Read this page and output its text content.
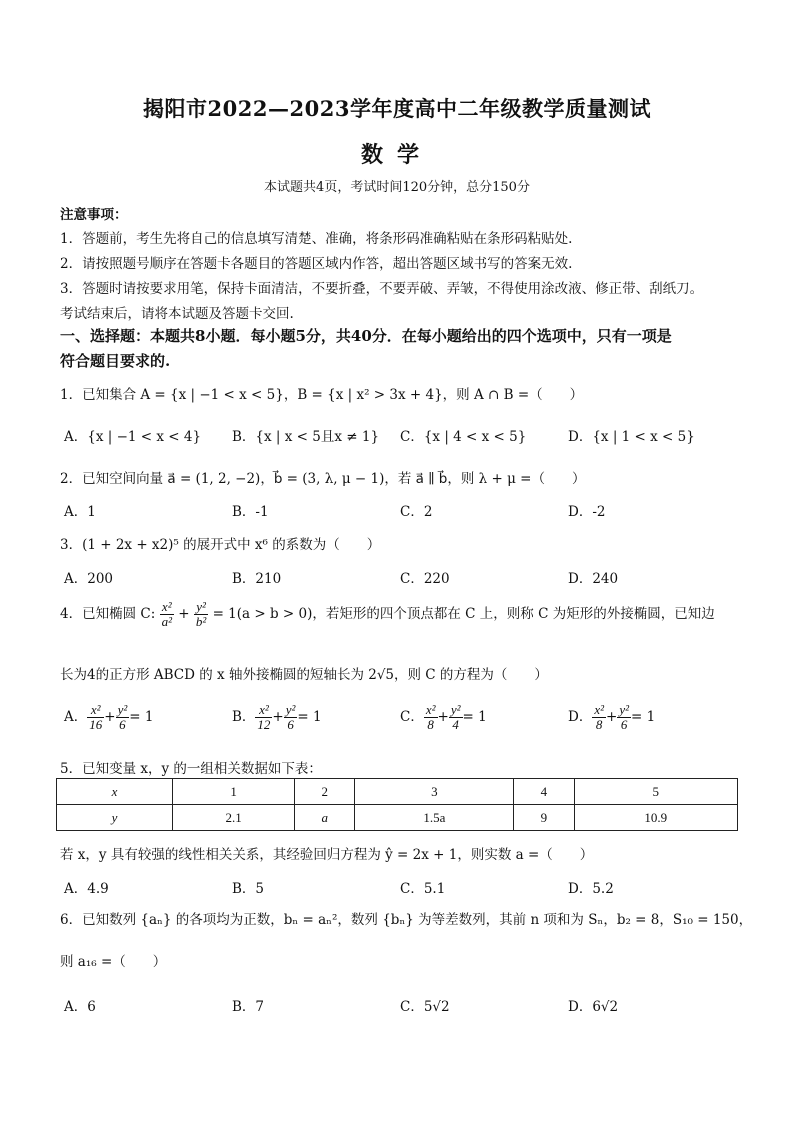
揭阳市2022—2023学年度高中二年级教学质量测试
数学
本试题共4页，考试时间120分钟，总分150分
注意事项：
1．答题前，考生先将自己的信息填写清楚、准确，将条形码准确粘贴在条形码粘贴处.
2．请按照题号顺序在答题卡各题目的答题区域内作答，超出答题区域书写的答案无效.
3．答题时请按要求用笔，保持卡面清洁，不要折叠，不要弄破、弄皱，不得使用涂改液、修正带、刮纸刀。
考试结束后，请将本试题及答题卡交回.
一、选择题：本题共8小题．每小题5分，共40分．在每小题给出的四个选项中，只有一项是
符合题目要求的.
1．已知集合 A = {x | −1 < x < 5}，B = {x | x² > 3x + 4}，则 A ∩ B =（　　）
A．{x | −1 < x < 4} B．{x | x < 5且x ≠ 1} C．{x | 4 < x < 5}	D．{x | 1 < x < 5}
2．已知空间向量 a⃗ = (1, 2, −2)，b⃗ = (3, λ, μ − 1)，若 a⃗ ∥ b⃗，则 λ + μ =（　　）
A．1	B．-1	C．2	D．-2
3．(1 + 2x + x2)⁵ 的展开式中 x⁶ 的系数为（　　）
A．200	B．210	C．220	D．240
4．已知椭圆 C: $\frac{\text{x²}}{\text{a²}} + \frac{\text{y²}}{\text{b²}} = 1(a > b > 0)$，若矩形的四个顶点都在 C 上，则称 C 为矩形的外接椭圆，已知边
长为4的正方形 ABCD 的 x 轴外接椭圆的短轴长为 2√5，则 C 的方程为（　　）
A． $\frac{\text{x²}}{16} + \frac{\text{y²}}{6} = 1$	B． $\frac{\text{x²}}{12} + \frac{\text{y²}}{6} = 1$	C． $\frac{\text{x²}}{8} + \frac{\text{y²}}{4} = 1$	D． $\frac{\text{x²}}{8} + \frac{\text{y²}}{6} = 1$
5．已知变量 x，y 的一组相关数据如下表：
x	1	2	3	4	5
y	2.1	a	1.5a	9	10.9
若 x，y 具有较强的线性相关关系，其经验回归方程为 ŷ = 2x + 1，则实数 a =（　　）
A．4.9	B．5	C．5.1	D．5.2
6．已知数列 {aₙ} 的各项均为正数，bₙ = aₙ²，数列 {bₙ} 为等差数列，其前 n 项和为 Sₙ，b₂ = 8，S₁₀ = 150，
则 a₁₆ =（　　）
A．6	B．7	C．5√2	D．6√2
